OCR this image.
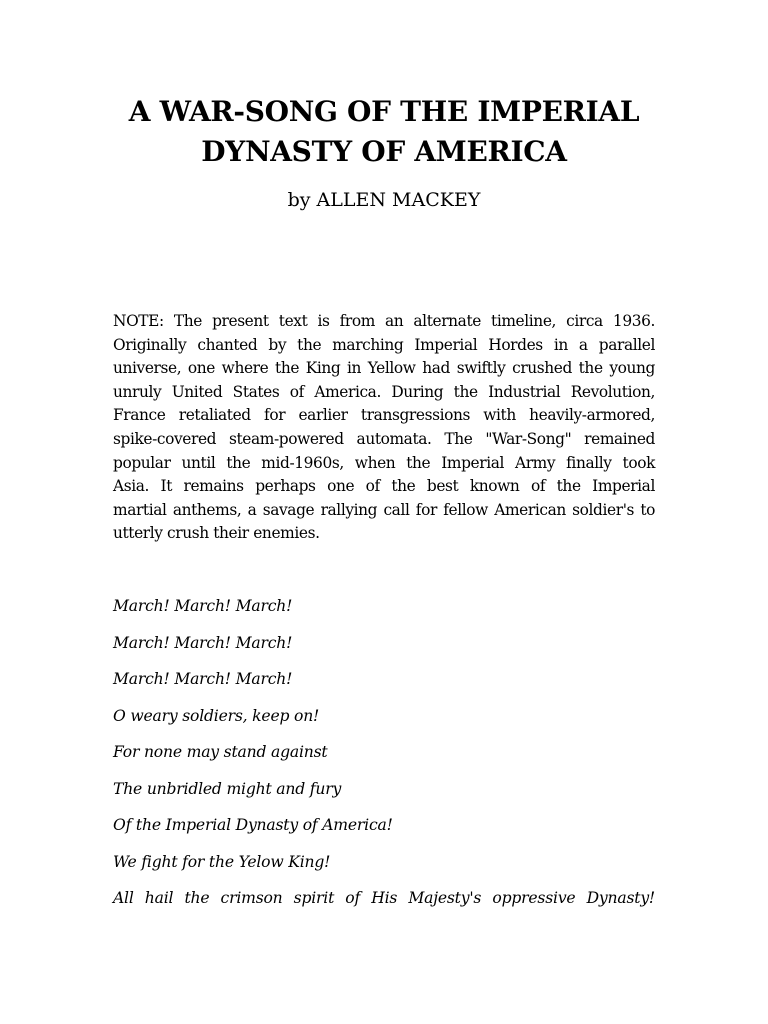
A WAR-SONG OF THE IMPERIAL
DYNASTY OF AMERICA
by ALLEN MACKEY

NOTE: The present text is from an alternate timeline, circa 1936.
Originally chanted by the marching Imperial Hordes in a parallel
universe, one where the King in Yellow had swiftly crushed the young
unruly United States of America. During the Industrial Revolution,
France retaliated for earlier transgressions with heavily-armored,
spike-covered steam-powered automata. The "War-Song" remained
popular until the mid-1960s, when the Imperial Army finally took
Asia. It remains perhaps one of the best known of the Imperial
martial anthems, a savage rallying call for fellow American soldier's to
utterly crush their enemies.

March! March! March!
March! March! March!
March! March! March!
O weary soldiers, keep on!
For none may stand against
The unbridled might and fury
Of the Imperial Dynasty of America!
We fight for the Yelow King!
All hail the crimson spirit of His Majesty's oppressive Dynasty!
